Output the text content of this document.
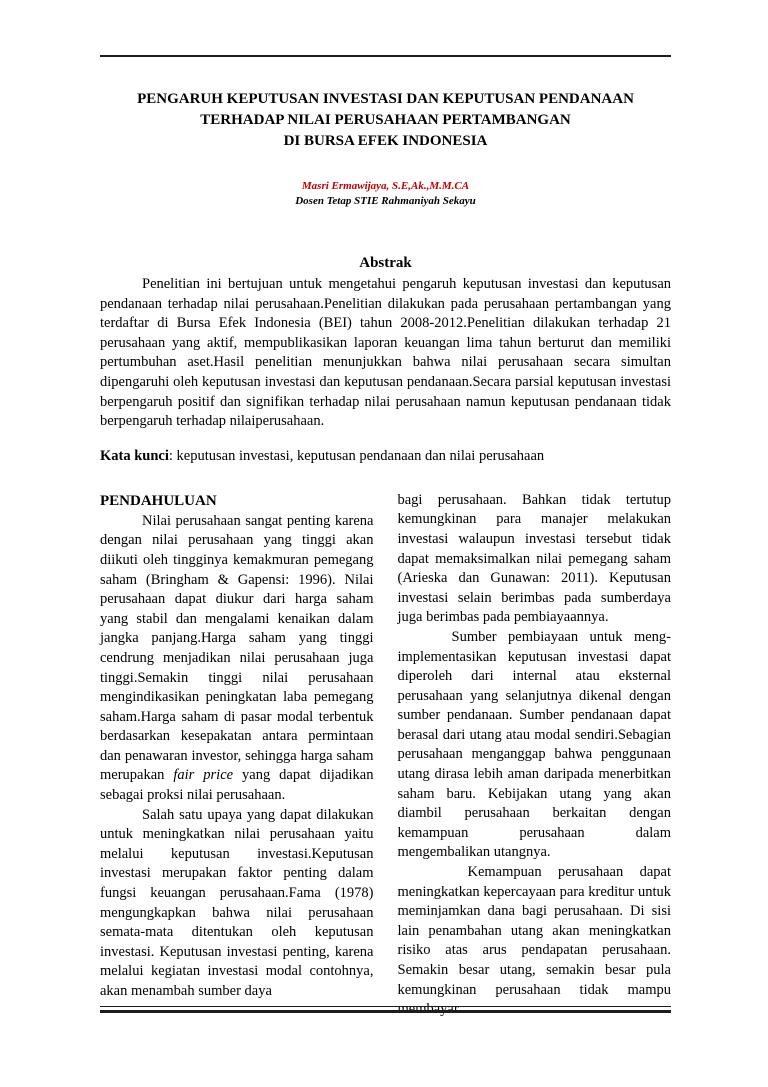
PENGARUH KEPUTUSAN INVESTASI DAN KEPUTUSAN PENDANAAN
TERHADAP NILAI PERUSAHAAN PERTAMBANGAN
DI BURSA EFEK INDONESIA
Masri Ermawijaya, S.E,Ak.,M.M.CA
Dosen Tetap STIE Rahmaniyah Sekayu
Abstrak

Penelitian ini bertujuan untuk mengetahui pengaruh keputusan investasi dan keputusan pendanaan terhadap nilai perusahaan.Penelitian dilakukan pada perusahaan pertambangan yang terdaftar di Bursa Efek Indonesia (BEI) tahun 2008-2012.Penelitian dilakukan terhadap 21 perusahaan yang aktif, mempublikasikan laporan keuangan lima tahun berturut dan memiliki pertumbuhan aset.Hasil penelitian menunjukkan bahwa nilai perusahaan secara simultan dipengaruhi oleh keputusan investasi dan keputusan pendanaan.Secara parsial keputusan investasi berpengaruh positif dan signifikan terhadap nilai perusahaan namun keputusan pendanaan tidak berpengaruh terhadap nilaiperusahaan.

Kata kunci: keputusan investasi, keputusan pendanaan dan nilai perusahaan

PENDAHULUAN

Nilai perusahaan sangat penting karena dengan nilai perusahaan yang tinggi akan diikuti oleh tingginya kemakmuran pemegang saham (Bringham & Gapensi: 1996). Nilai perusahaan dapat diukur dari harga saham yang stabil dan mengalami kenaikan dalam jangka panjang.Harga saham yang tinggi cendrung menjadikan nilai perusahaan juga tinggi.Semakin tinggi nilai perusahaan mengindikasikan peningkatan laba pemegang saham.Harga saham di pasar modal terbentuk berdasarkan kesepakatan antara permintaan dan penawaran investor, sehingga harga saham merupakan fair price yang dapat dijadikan sebagai proksi nilai perusahaan.

Salah satu upaya yang dapat dilakukan untuk meningkatkan nilai perusahaan yaitu melalui keputusan investasi.Keputusan investasi merupakan faktor penting dalam fungsi keuangan perusahaan.Fama (1978) mengungkapkan bahwa nilai perusahaan semata-mata ditentukan oleh keputusan investasi. Keputusan investasi penting, karena melalui kegiatan investasi modal contohnya, akan menambah sumber daya

bagi perusahaan. Bahkan tidak tertutup kemungkinan para manajer melakukan investasi walaupun investasi tersebut tidak dapat memaksimalkan nilai pemegang saham (Arieska dan Gunawan: 2011). Keputusan investasi selain berimbas pada sumberdaya juga berimbas pada pembiayaannya.

Sumber pembiayaan untuk meng-implementasikan keputusan investasi dapat diperoleh dari internal atau eksternal perusahaan yang selanjutnya dikenal dengan sumber pendanaan. Sumber pendanaan dapat berasal dari utang atau modal sendiri.Sebagian perusahaan menganggap bahwa penggunaan utang dirasa lebih aman daripada menerbitkan saham baru. Kebijakan utang yang akan diambil perusahaan berkaitan dengan kemampuan perusahaan dalam mengembalikan utangnya.

Kemampuan perusahaan dapat meningkatkan kepercayaan para kreditur untuk meminjamkan dana bagi perusahaan. Di sisi lain penambahan utang akan meningkatkan risiko atas arus pendapatan perusahaan. Semakin besar utang, semakin besar pula kemungkinan perusahaan tidak mampu membayar
